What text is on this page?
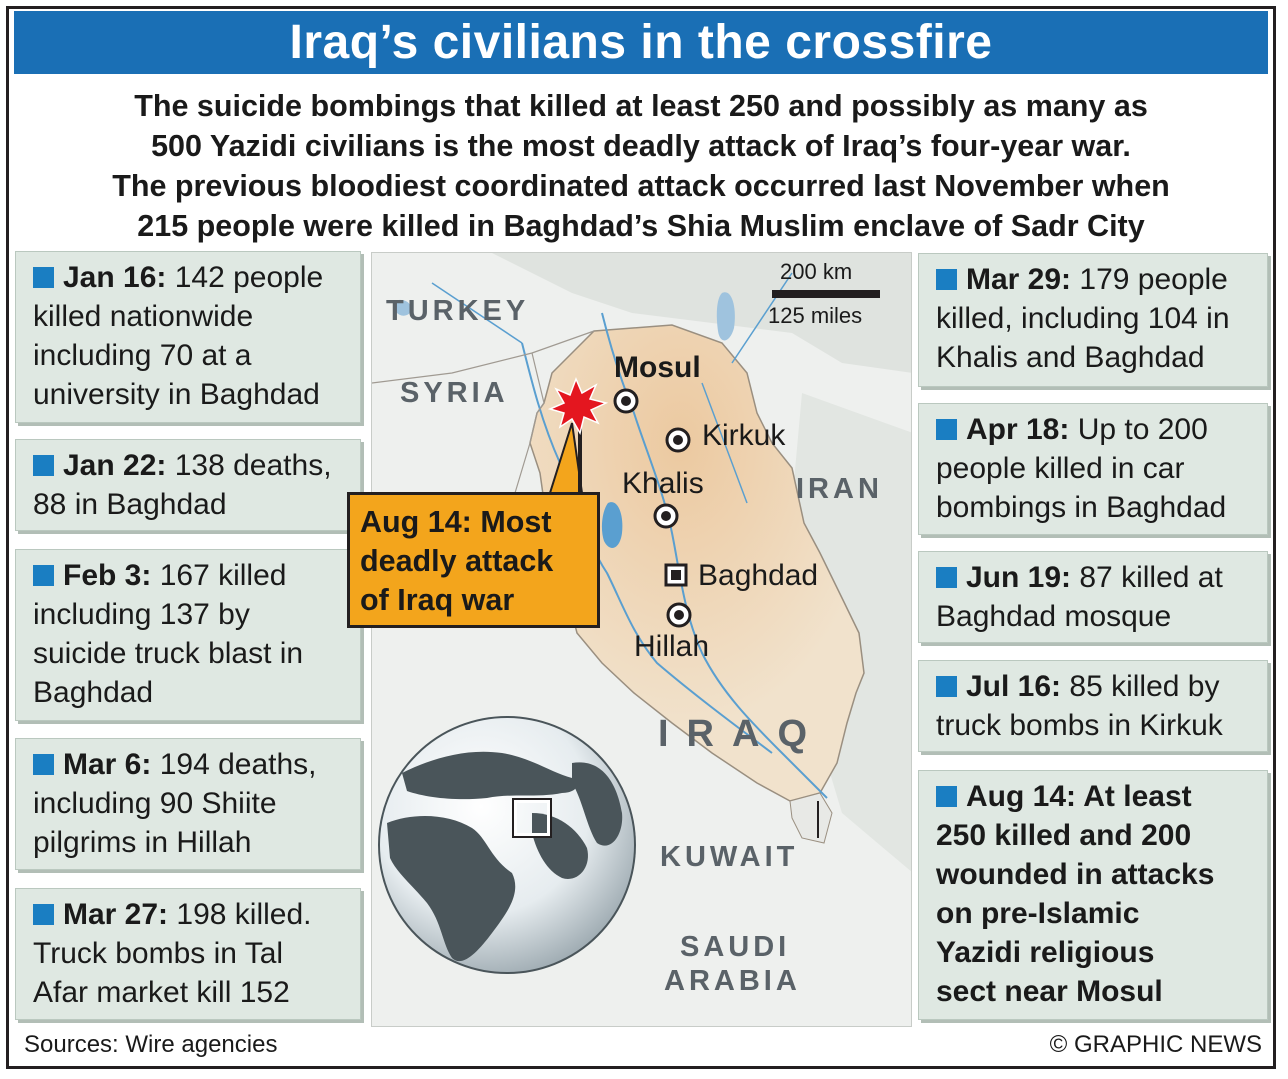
Iraq’s civilians in the crossfire

The suicide bombings that killed at least 250 and possibly as many as

500 Yazidi civilians is the most deadly attack of Iraq’s four-year war.

The previous bloodiest coordinated attack occurred last November when

215 people were killed in Baghdad’s Shia Muslim enclave of Sadr City

Jan 16: 142 people
killed nationwide
including 70 at a
university in Baghdad
Jan 22: 138 deaths,
88 in Baghdad
Feb 3: 167 killed
including 137 by
suicide truck blast in
Baghdad
Mar 6: 194 deaths,
including 90 Shiite
pilgrims in Hillah
Mar 27: 198 killed.
Truck bombs in Tal
Afar market kill 152
Mar 29: 179 people
killed, including 104 in
Khalis and Baghdad
Apr 18: Up to 200
people killed in car
bombings in Baghdad
Jun 19: 87 killed at
Baghdad mosque
Jul 16: 85 killed by
truck bombs in Kirkuk
Aug 14: At least
250 killed and 200
wounded in attacks
on pre-Islamic
Yazidi religious
sect near Mosul
TURKEY
SYRIA
IRAN
IRAQ
KUWAIT
SAUDI
ARABIA
Mosul
Kirkuk
Khalis
Baghdad
Hillah
200 km
125 miles
Aug 14: Most
deadly attack
of Iraq war
Sources: Wire agencies	© GRAPHIC NEWS
